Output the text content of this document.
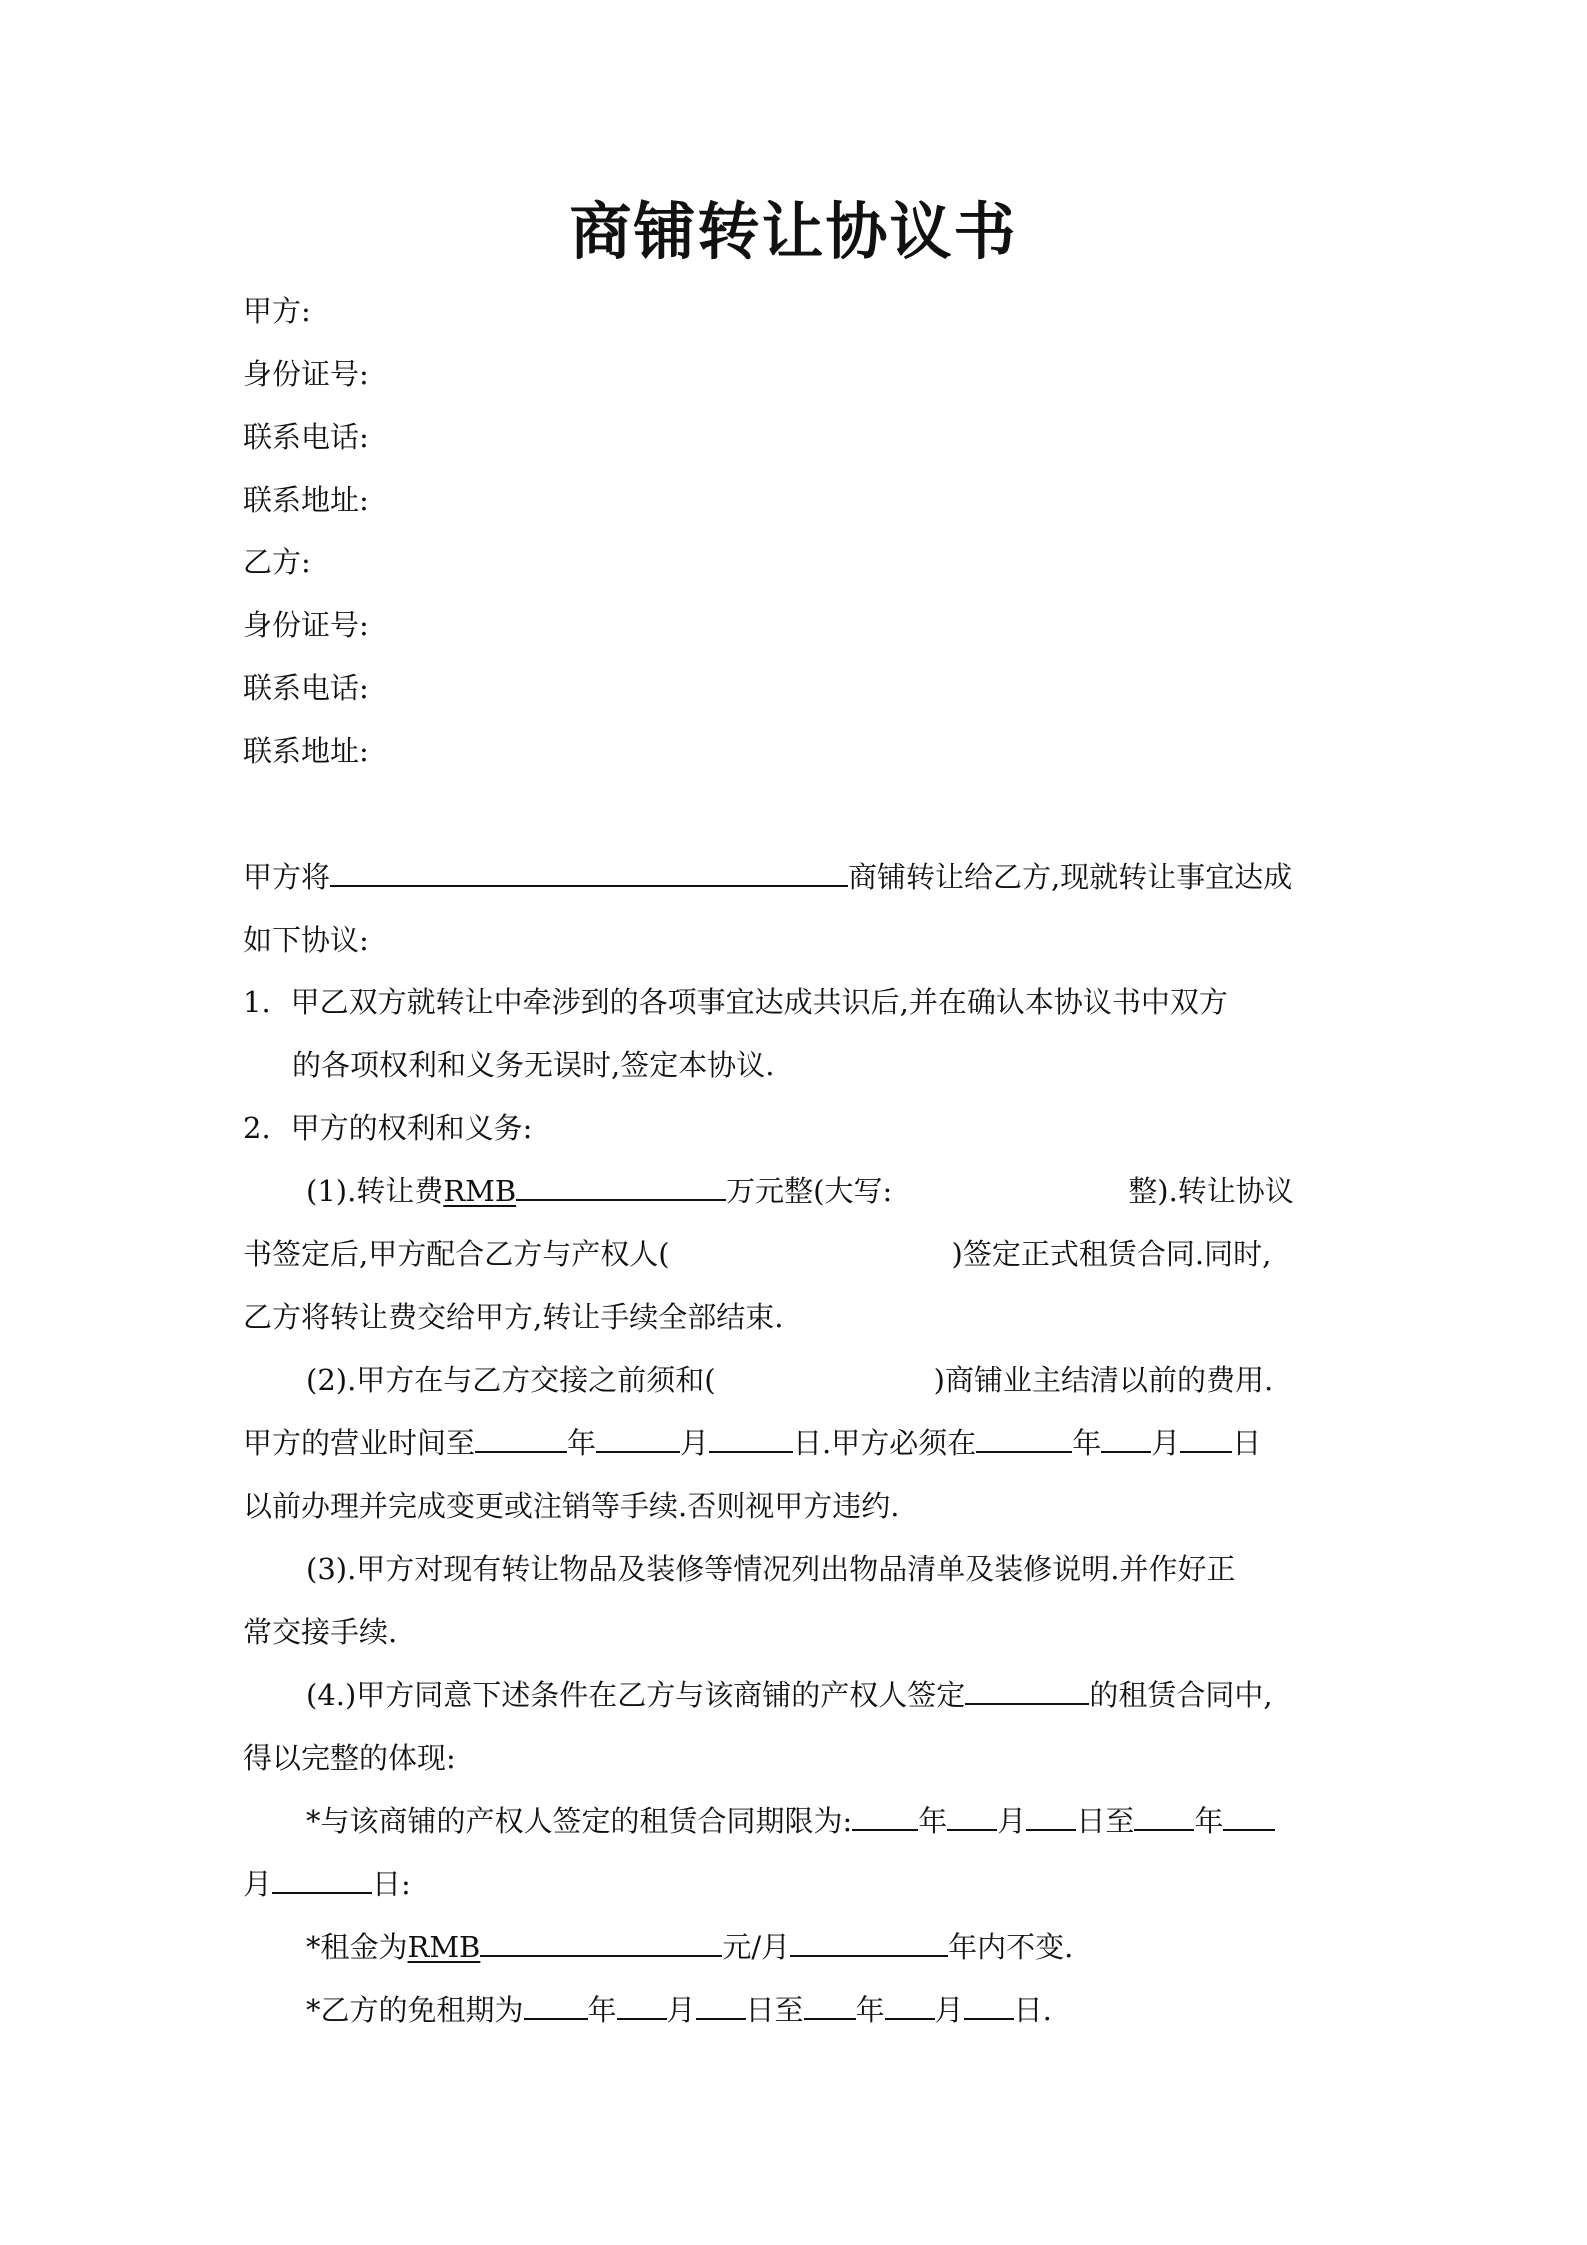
商铺转让协议书
甲方:
身份证号:
联系电话:
联系地址:
乙方:
身份证号:
联系电话:
联系地址:
甲方将	商铺转让给乙方,现就转让事宜达成
如下协议:
1. 甲乙双方就转让中牵涉到的各项事宜达成共识后,并在确认本协议书中双方
的各项权利和义务无误时,签定本协议.
2. 甲方的权利和义务:
(1).转让费RMB	万元整(大写:	整).转让协议
书签定后,甲方配合乙方与产权人(	)签定正式租赁合同.同时,
乙方将转让费交给甲方,转让手续全部结束.
(2).甲方在与乙方交接之前须和(	)商铺业主结清以前的费用.
甲方的营业时间至	年	月	日.甲方必须在	年 月 日
以前办理并完成变更或注销等手续.否则视甲方违约.
(3).甲方对现有转让物品及装修等情况列出物品清单及装修说明.并作好正
常交接手续.
(4.)甲方同意下述条件在乙方与该商铺的产权人签定	的租赁合同中,
得以完整的体现:
*与该商铺的产权人签定的租赁合同期限为: 年 月 日至 年
月	日:
*租金为RMB	元/月	年内不变.
*乙方的免租期为 年 月 日至 年 月 日.
